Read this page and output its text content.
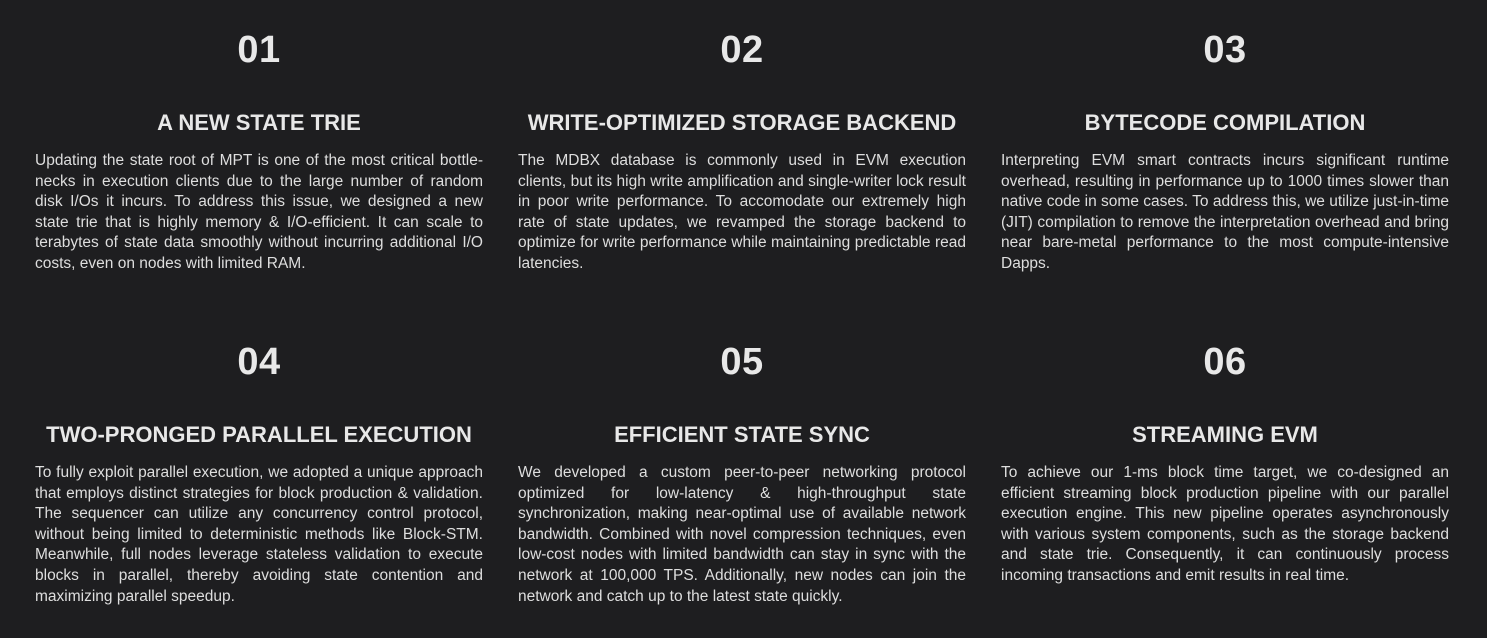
01
A NEW STATE TRIE
Updating the state root of MPT is one of the most critical bottle-necks in execution clients due to the large number of random disk I/Os it incurs. To address this issue, we designed a new state trie that is highly memory & I/O-efficient. It can scale to terabytes of state data smoothly without incurring additional I/O costs, even on nodes with limited RAM.
02
WRITE-OPTIMIZED STORAGE BACKEND
The MDBX database is commonly used in EVM execution clients, but its high write amplification and single-writer lock result in poor write performance. To accomodate our extremely high rate of state updates, we revamped the storage backend to optimize for write performance while maintaining predictable read latencies.
03
BYTECODE COMPILATION
Interpreting EVM smart contracts incurs significant runtime overhead, resulting in performance up to 1000 times slower than native code in some cases. To address this, we utilize just-in-time (JIT) compilation to remove the interpretation overhead and bring near bare-metal performance to the most compute-intensive Dapps.
04
TWO-PRONGED PARALLEL EXECUTION
To fully exploit parallel execution, we adopted a unique approach that employs distinct strategies for block production & validation. The sequencer can utilize any concurrency control protocol, without being limited to deterministic methods like Block-STM. Meanwhile, full nodes leverage stateless validation to execute blocks in parallel, thereby avoiding state contention and maximizing parallel speedup.
05
EFFICIENT STATE SYNC
We developed a custom peer-to-peer networking protocol optimized for low-latency & high-throughput state synchronization, making near-optimal use of available network bandwidth. Combined with novel compression techniques, even low-cost nodes with limited bandwidth can stay in sync with the network at 100,000 TPS. Additionally, new nodes can join the network and catch up to the latest state quickly.
06
STREAMING EVM
To achieve our 1-ms block time target, we co-designed an efficient streaming block production pipeline with our parallel execution engine. This new pipeline operates asynchronously with various system components, such as the storage backend and state trie. Consequently, it can continuously process incoming transactions and emit results in real time.
